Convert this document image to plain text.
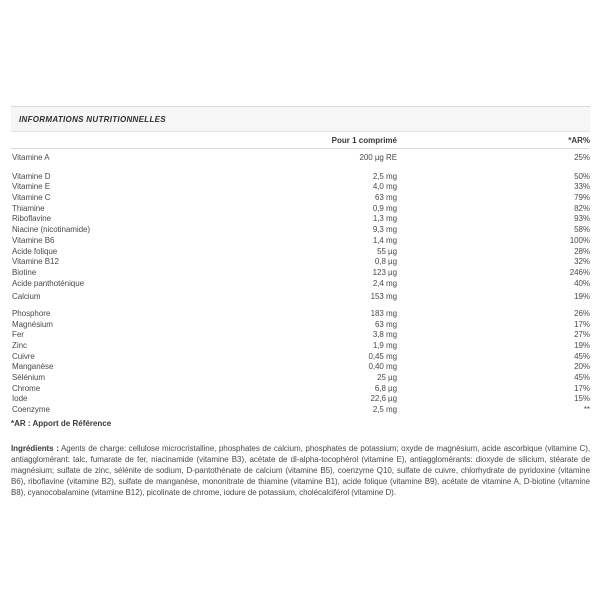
INFORMATIONS NUTRITIONNELLES
Pour 1 comprimé	*AR%
Vitamine A	200 µg RE	25%
Vitamine D	2,5 mg	50%
Vitamine E	4,0 mg	33%
Vitamine C	63 mg	79%
Thiamine	0,9 mg	82%
Riboflavine	1,3 mg	93%
Niacine (nicotinamide)	9,3 mg	58%
Vitamine B6	1,4 mg	100%
Acide folique	55 µg	28%
Vitamine B12	0,8 µg	32%
Biotine	123 µg	246%
Acide panthoténique	2,4 mg	40%
Calcium	153 mg	19%
Phosphore	183 mg	26%
Magnésium	63 mg	17%
Fer	3,8 mg	27%
Zinc	1,9 mg	19%
Cuivre	0,45 mg	45%
Manganèse	0,40 mg	20%
Sélénium	25 µg	45%
Chrome	6,8 µg	17%
Iode	22,6 µg	15%
Coenzyme	2,5 mg	**
*AR : Apport de Référence

Ingrédients : Agents de charge: cellulose microcristalline, phosphates de calcium, phosphates de potassium; oxyde de magnésium, acide ascorbique (vitamine C), antiagglomérant: talc, fumarate de fer, niacinamide (vitamine B3), acétate de dl-alpha-tocophérol (vitamine E), antiagglomérants: dioxyde de silicium, stéarate de magnésium; sulfate de zinc, sélénite de sodium, D-pantothénate de calcium (vitamine B5), coenzyme Q10, sulfate de cuivre, chlorhydrate de pyridoxine (vitamine B6), riboflavine (vitamine B2), sulfate de manganèse, mononitrate de thiamine (vitamine B1), acide folique (vitamine B9), acétate de vitamine A, D-biotine (vitamine B8), cyanocobalamine (vitamine B12), picolinate de chrome, iodure de potassium, cholécalciférol (vitamine D).
